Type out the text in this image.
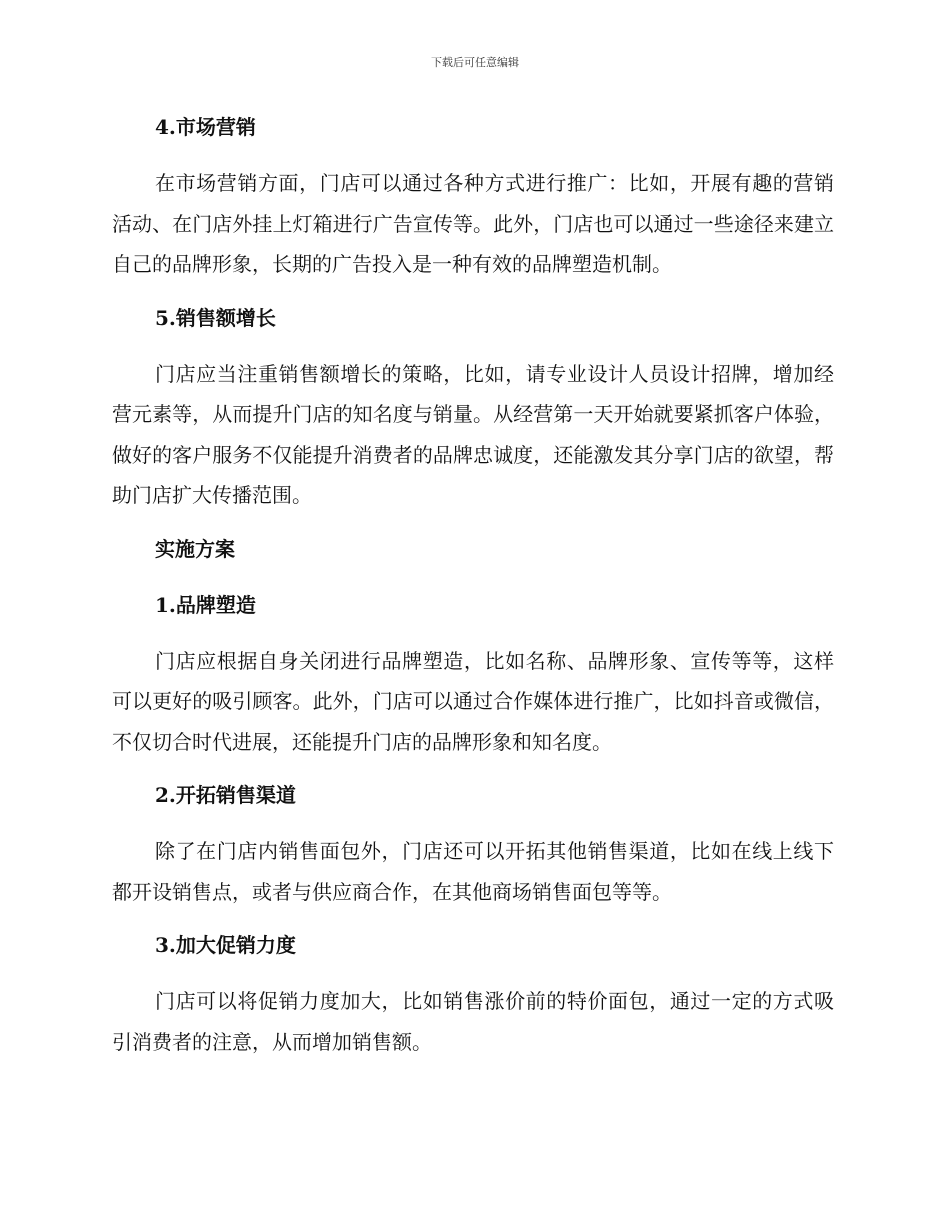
下载后可任意编辑
4.市场营销

在市场营销方面，门店可以通过各种方式进行推广：比如，开展有趣的营销活动、在门店外挂上灯箱进行广告宣传等。此外，门店也可以通过一些途径来建立自己的品牌形象，长期的广告投入是一种有效的品牌塑造机制。

5.销售额增长

门店应当注重销售额增长的策略，比如，请专业设计人员设计招牌，增加经营元素等，从而提升门店的知名度与销量。从经营第一天开始就要紧抓客户体验，做好的客户服务不仅能提升消费者的品牌忠诚度，还能激发其分享门店的欲望，帮助门店扩大传播范围。

实施方案
1.品牌塑造

门店应根据自身关闭进行品牌塑造，比如名称、品牌形象、宣传等等，这样可以更好的吸引顾客。此外，门店可以通过合作媒体进行推广，比如抖音或微信，不仅切合时代进展，还能提升门店的品牌形象和知名度。

2.开拓销售渠道

除了在门店内销售面包外，门店还可以开拓其他销售渠道，比如在线上线下都开设销售点，或者与供应商合作，在其他商场销售面包等等。

3.加大促销力度

门店可以将促销力度加大，比如销售涨价前的特价面包，通过一定的方式吸引消费者的注意，从而增加销售额。
